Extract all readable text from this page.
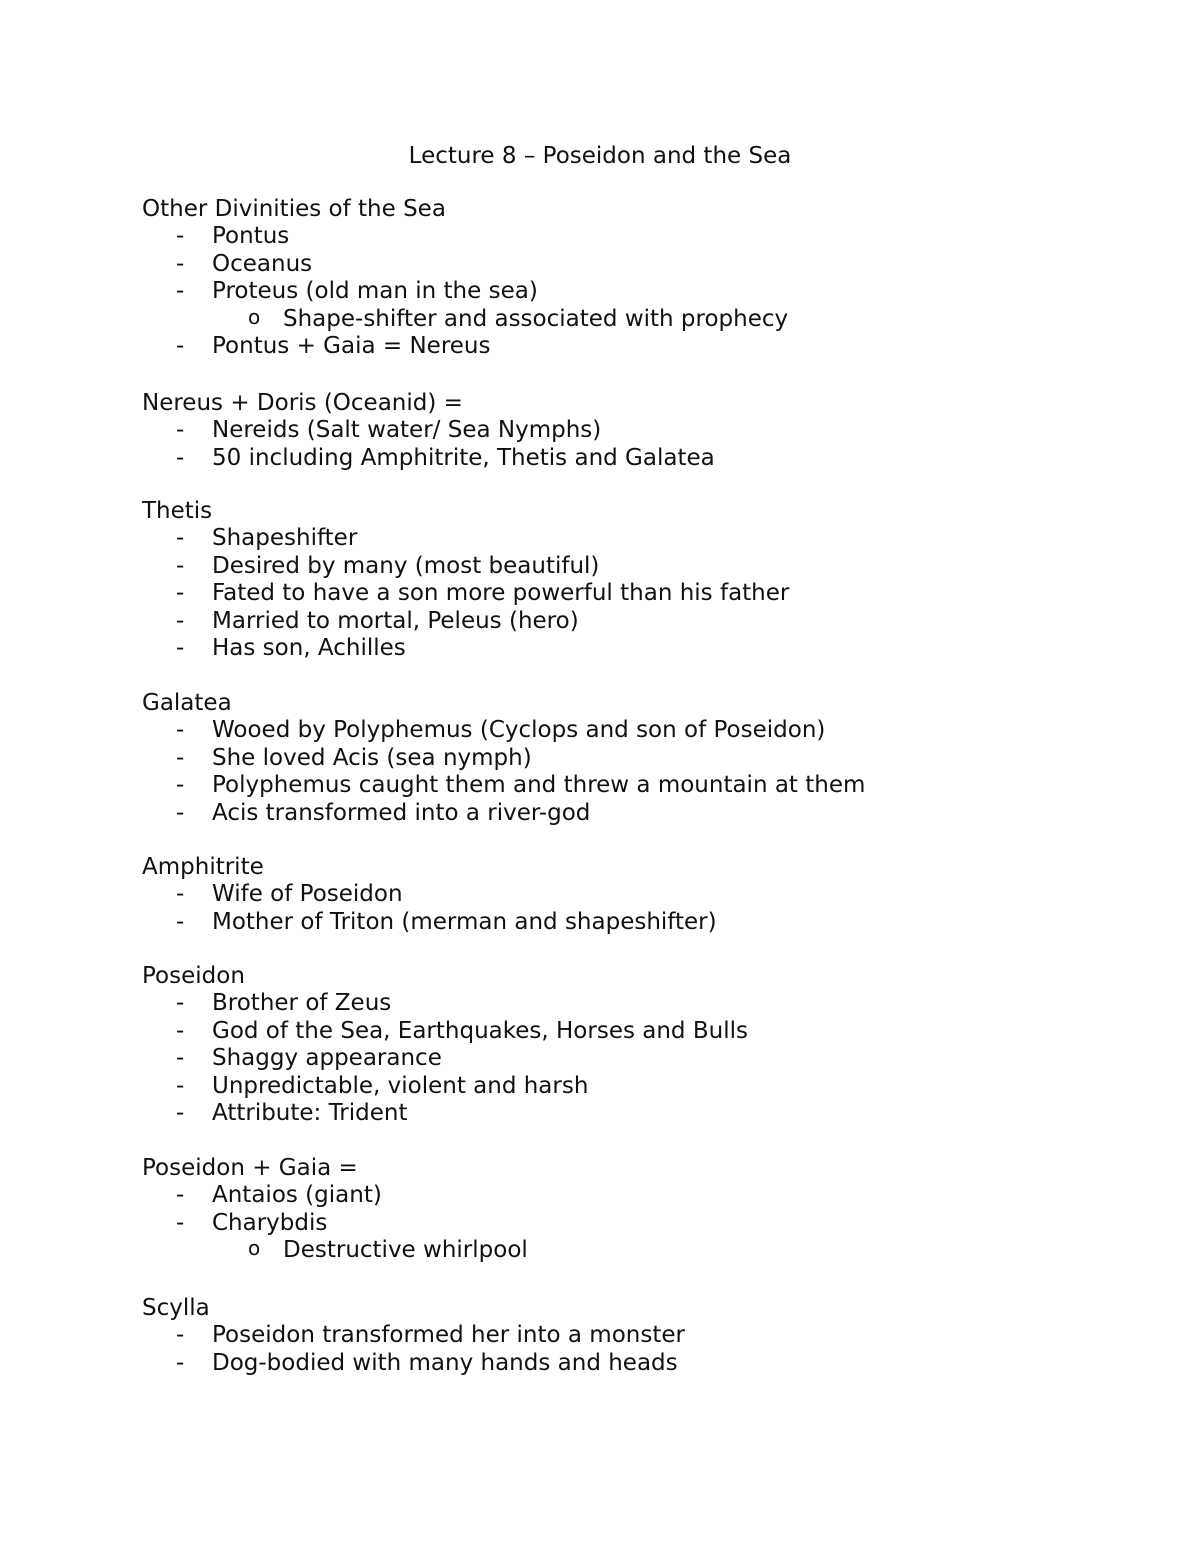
Lecture 8 – Poseidon and the Sea
Other Divinities of the Sea
- Pontus
- Oceanus
- Proteus (old man in the sea)
o Shape-shifter and associated with prophecy
- Pontus + Gaia = Nereus
Nereus + Doris (Oceanid) =
- Nereids (Salt water/ Sea Nymphs)
- 50 including Amphitrite, Thetis and Galatea
Thetis
- Shapeshifter
- Desired by many (most beautiful)
- Fated to have a son more powerful than his father
- Married to mortal, Peleus (hero)
- Has son, Achilles
Galatea
- Wooed by Polyphemus (Cyclops and son of Poseidon)
- She loved Acis (sea nymph)
- Polyphemus caught them and threw a mountain at them
- Acis transformed into a river-god
Amphitrite
- Wife of Poseidon
- Mother of Triton (merman and shapeshifter)
Poseidon
- Brother of Zeus
- God of the Sea, Earthquakes, Horses and Bulls
- Shaggy appearance
- Unpredictable, violent and harsh
- Attribute: Trident
Poseidon + Gaia =
- Antaios (giant)
- Charybdis
o Destructive whirlpool
Scylla
- Poseidon transformed her into a monster
- Dog-bodied with many hands and heads
